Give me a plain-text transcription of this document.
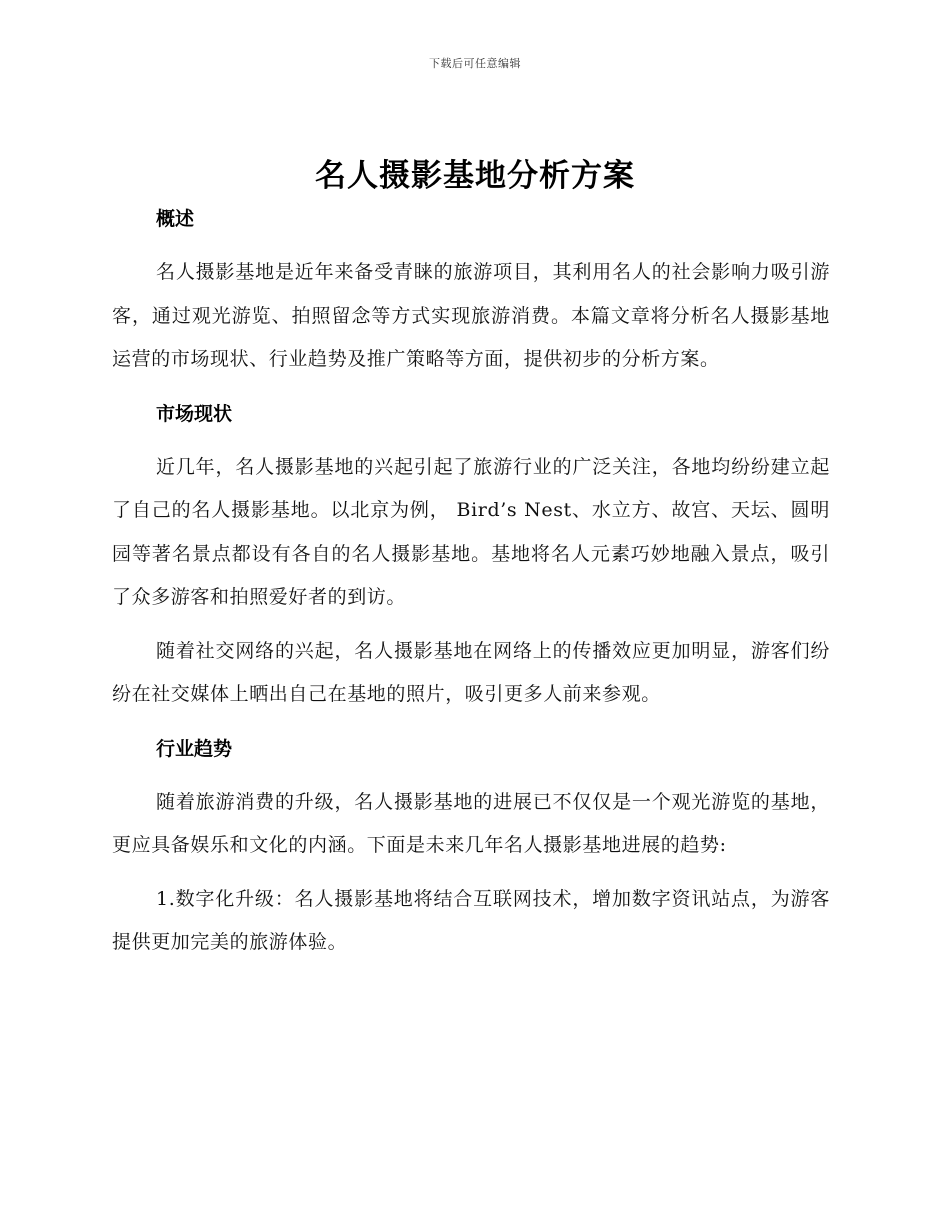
下载后可任意编辑
名人摄影基地分析方案
概述

名人摄影基地是近年来备受青睐的旅游项目，其利用名人的社会影响力吸引游客，通过观光游览、拍照留念等方式实现旅游消费。本篇文章将分析名人摄影基地运营的市场现状、行业趋势及推广策略等方面，提供初步的分析方案。

市场现状

近几年，名人摄影基地的兴起引起了旅游行业的广泛关注，各地均纷纷建立起了自己的名人摄影基地。以北京为例， Bird’s Nest、水立方、故宫、天坛、圆明园等著名景点都设有各自的名人摄影基地。基地将名人元素巧妙地融入景点，吸引了众多游客和拍照爱好者的到访。

随着社交网络的兴起，名人摄影基地在网络上的传播效应更加明显，游客们纷纷在社交媒体上晒出自己在基地的照片，吸引更多人前来参观。

行业趋势

随着旅游消费的升级，名人摄影基地的进展已不仅仅是一个观光游览的基地，更应具备娱乐和文化的内涵。下面是未来几年名人摄影基地进展的趋势:

1.数字化升级：名人摄影基地将结合互联网技术，增加数字资讯站点，为游客提供更加完美的旅游体验。
